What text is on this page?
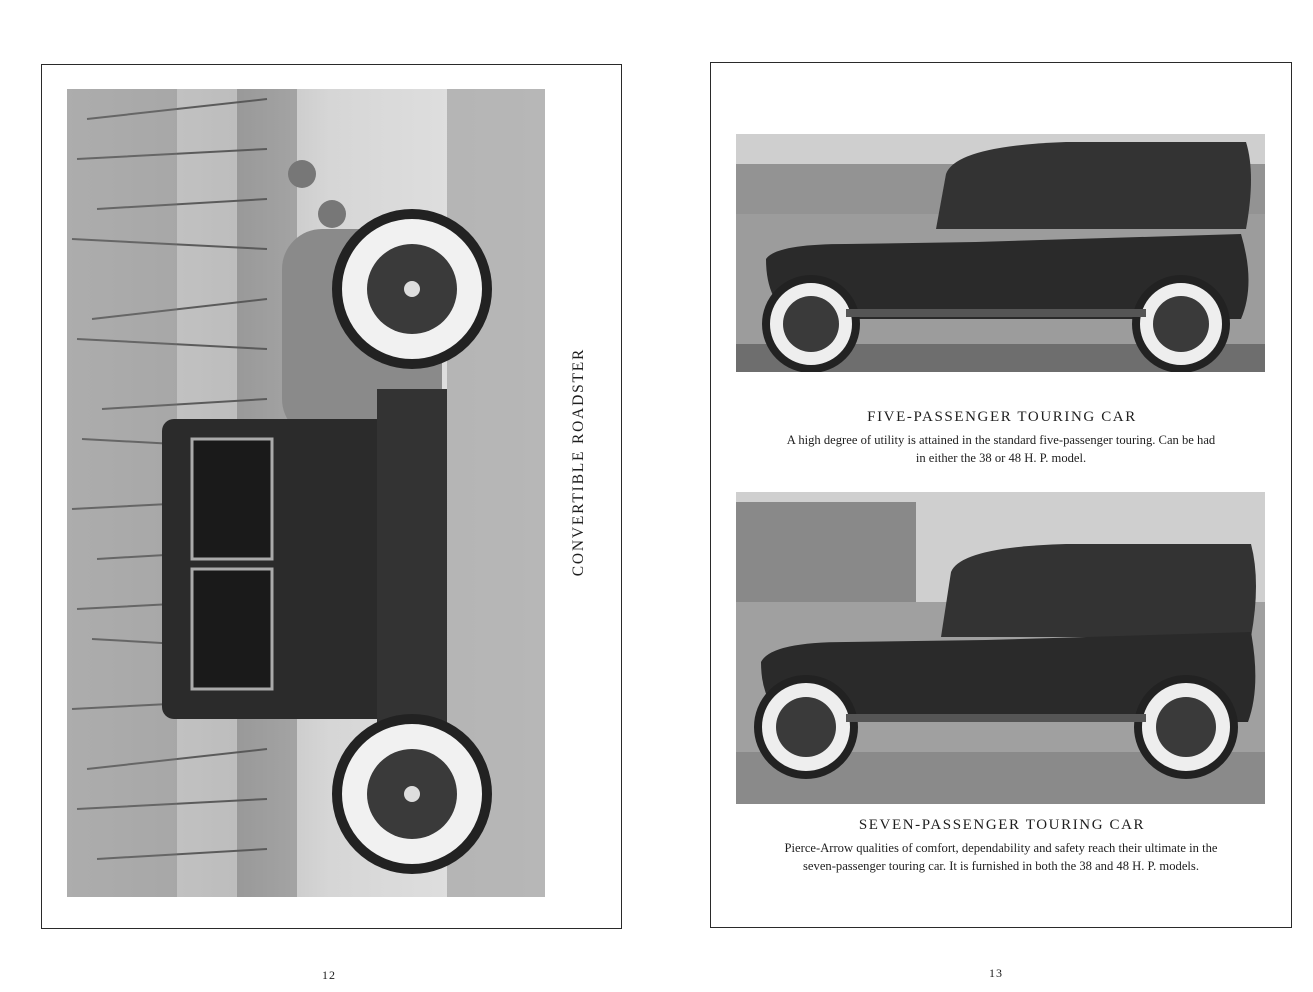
CONVERTIBLE ROADSTER
12
FIVE-PASSENGER TOURING CAR
A high degree of utility is attained in the standard five-passenger touring. Can be had
in either the 38 or 48 H. P. model.
SEVEN-PASSENGER TOURING CAR
Pierce-Arrow qualities of comfort, dependability and safety reach their ultimate in the
seven-passenger touring car. It is furnished in both the 38 and 48 H. P. models.
13
